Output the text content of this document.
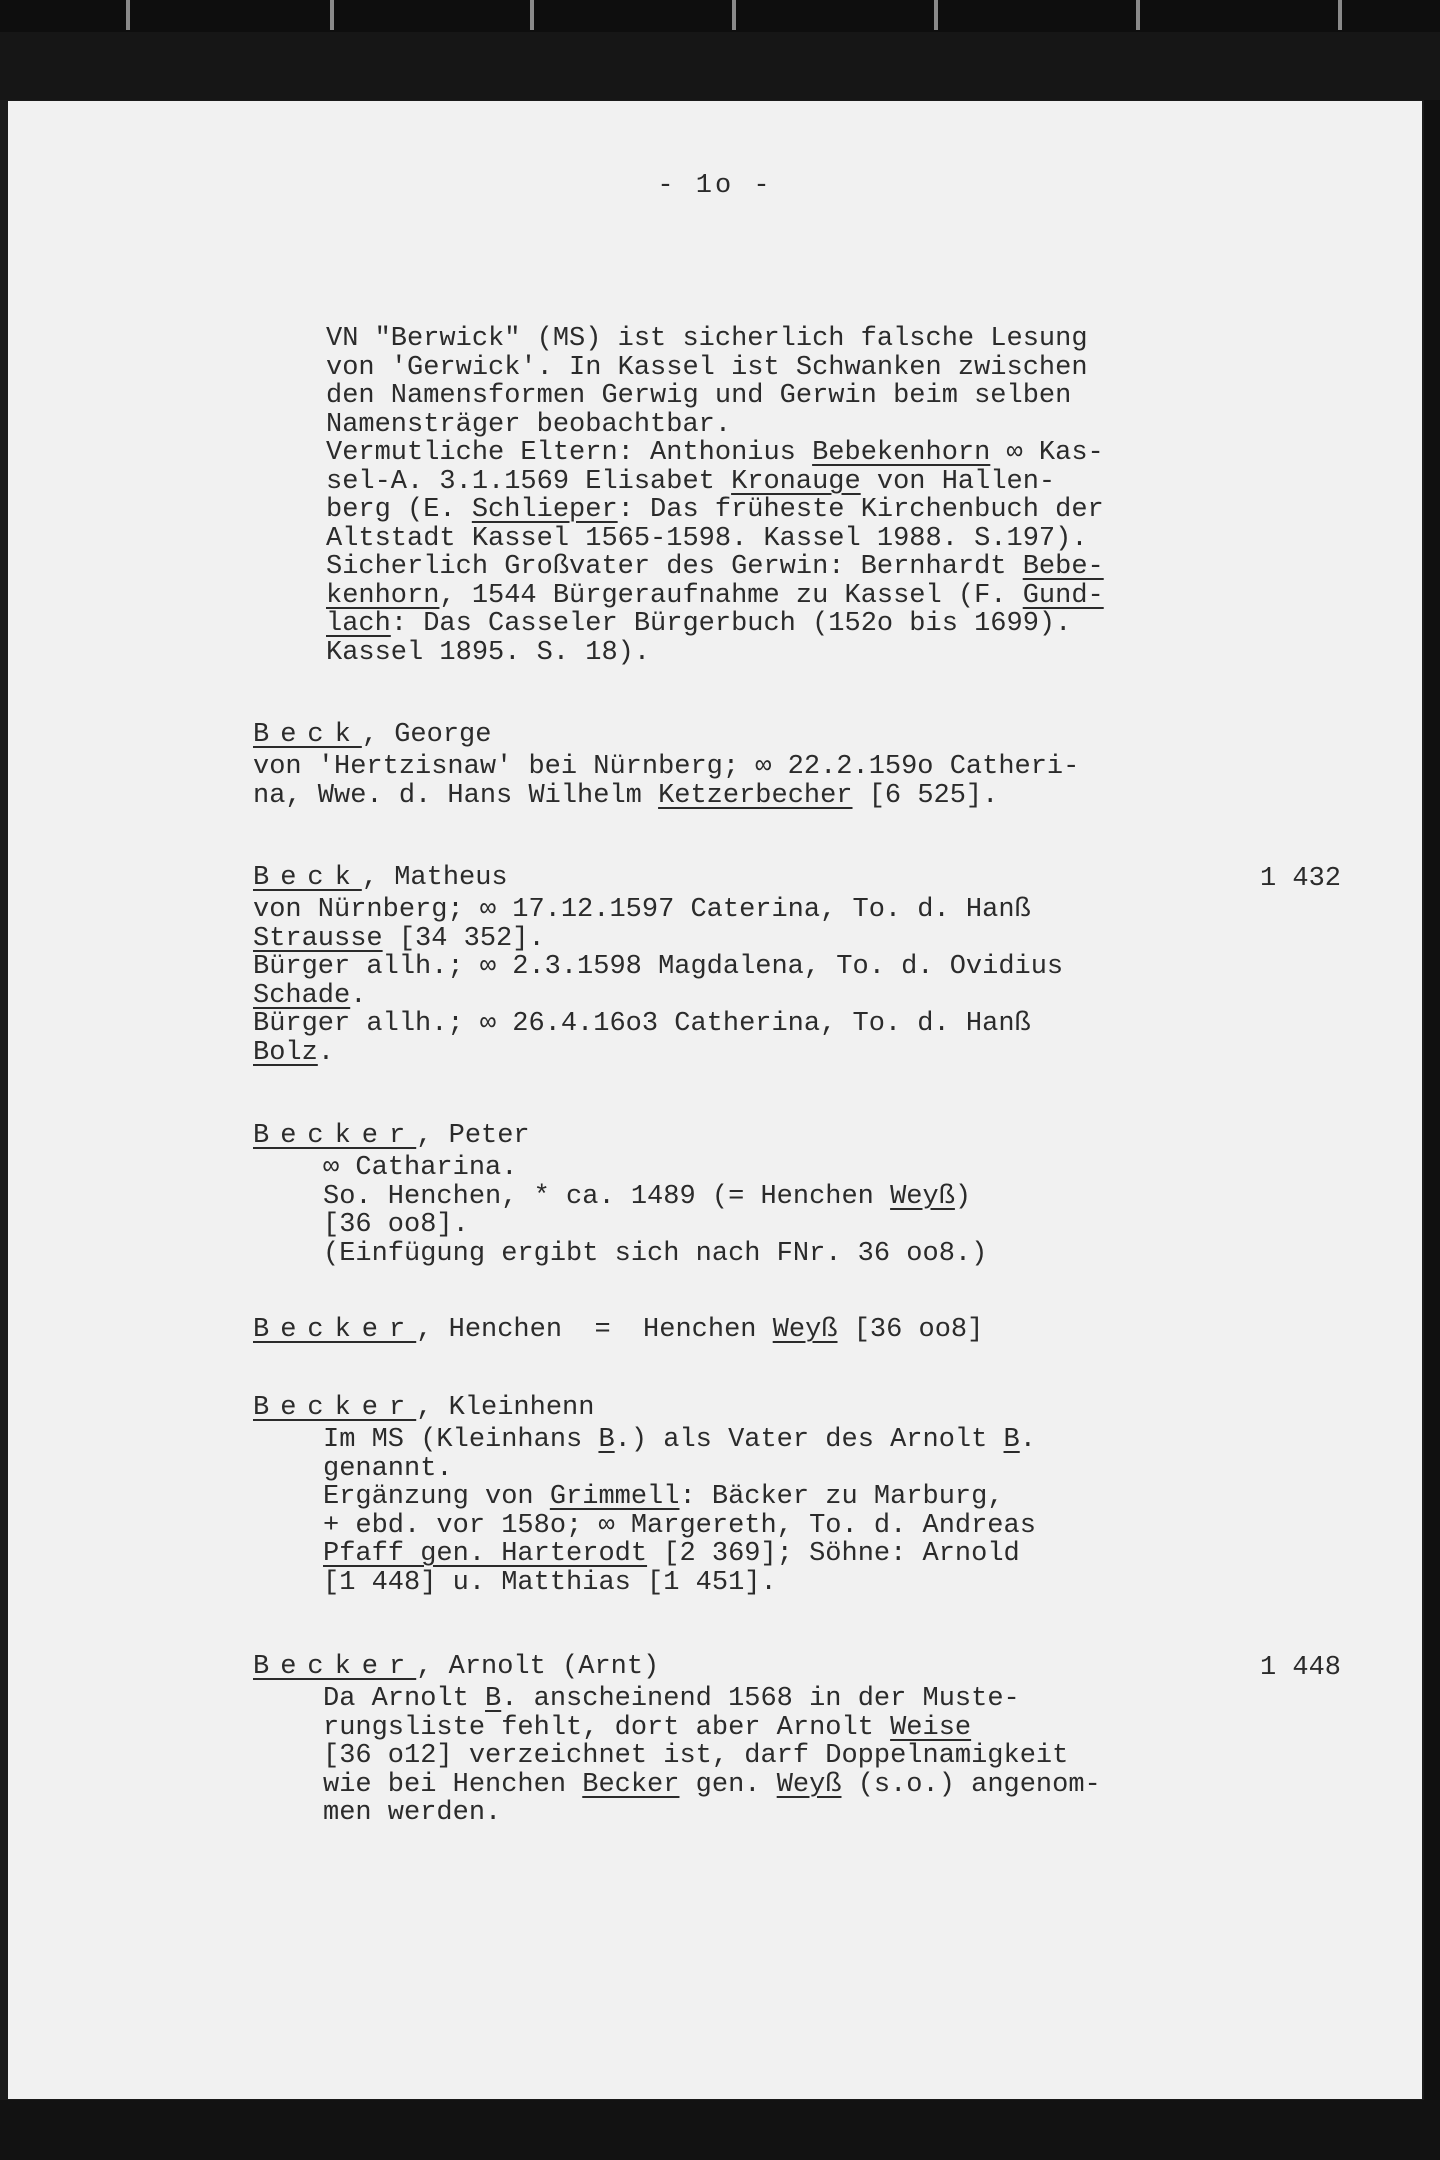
- 1o -
VN "Berwick" (MS) ist sicherlich falsche Lesung
von 'Gerwick'. In Kassel ist Schwanken zwischen
den Namensformen Gerwig und Gerwin beim selben
Namensträger beobachtbar.
Vermutliche Eltern: Anthonius Bebekenhorn ∞ Kas-
sel-A. 3.1.1569 Elisabet Kronauge von Hallen-
berg (E. Schlieper: Das früheste Kirchenbuch der
Altstadt Kassel 1565-1598. Kassel 1988. S.197).
Sicherlich Großvater des Gerwin: Bernhardt Bebe-
kenhorn, 1544 Bürgeraufnahme zu Kassel (F. Gund-
lach: Das Casseler Bürgerbuch (152o bis 1699).
Kassel 1895. S. 18).
Beck, George
von 'Hertzisnaw' bei Nürnberg; ∞ 22.2.159o Catheri-
na, Wwe. d. Hans Wilhelm Ketzerbecher [6 525].
Beck, Matheus	1 432
von Nürnberg; ∞ 17.12.1597 Caterina, To. d. Hanß
Strausse [34 352].
Bürger allh.; ∞ 2.3.1598 Magdalena, To. d. Ovidius
Schade.
Bürger allh.; ∞ 26.4.16o3 Catherina, To. d. Hanß
Bolz.
Becker, Peter
∞ Catharina.
So. Henchen, * ca. 1489 (= Henchen Weyß)
[36 oo8].
(Einfügung ergibt sich nach FNr. 36 oo8.)
Becker, Henchen  =  Henchen Weyß [36 oo8]
Becker, Kleinhenn
Im MS (Kleinhans B.) als Vater des Arnolt B.
genannt.
Ergänzung von Grimmell: Bäcker zu Marburg,
+ ebd. vor 158o; ∞ Margereth, To. d. Andreas
Pfaff gen. Harterodt [2 369]; Söhne: Arnold
[1 448] u. Matthias [1 451].
Becker, Arnolt (Arnt)	1 448
Da Arnolt B. anscheinend 1568 in der Muste-
rungsliste fehlt, dort aber Arnolt Weise
[36 o12] verzeichnet ist, darf Doppelnamigkeit
wie bei Henchen Becker gen. Weyß (s.o.) angenom-
men werden.
